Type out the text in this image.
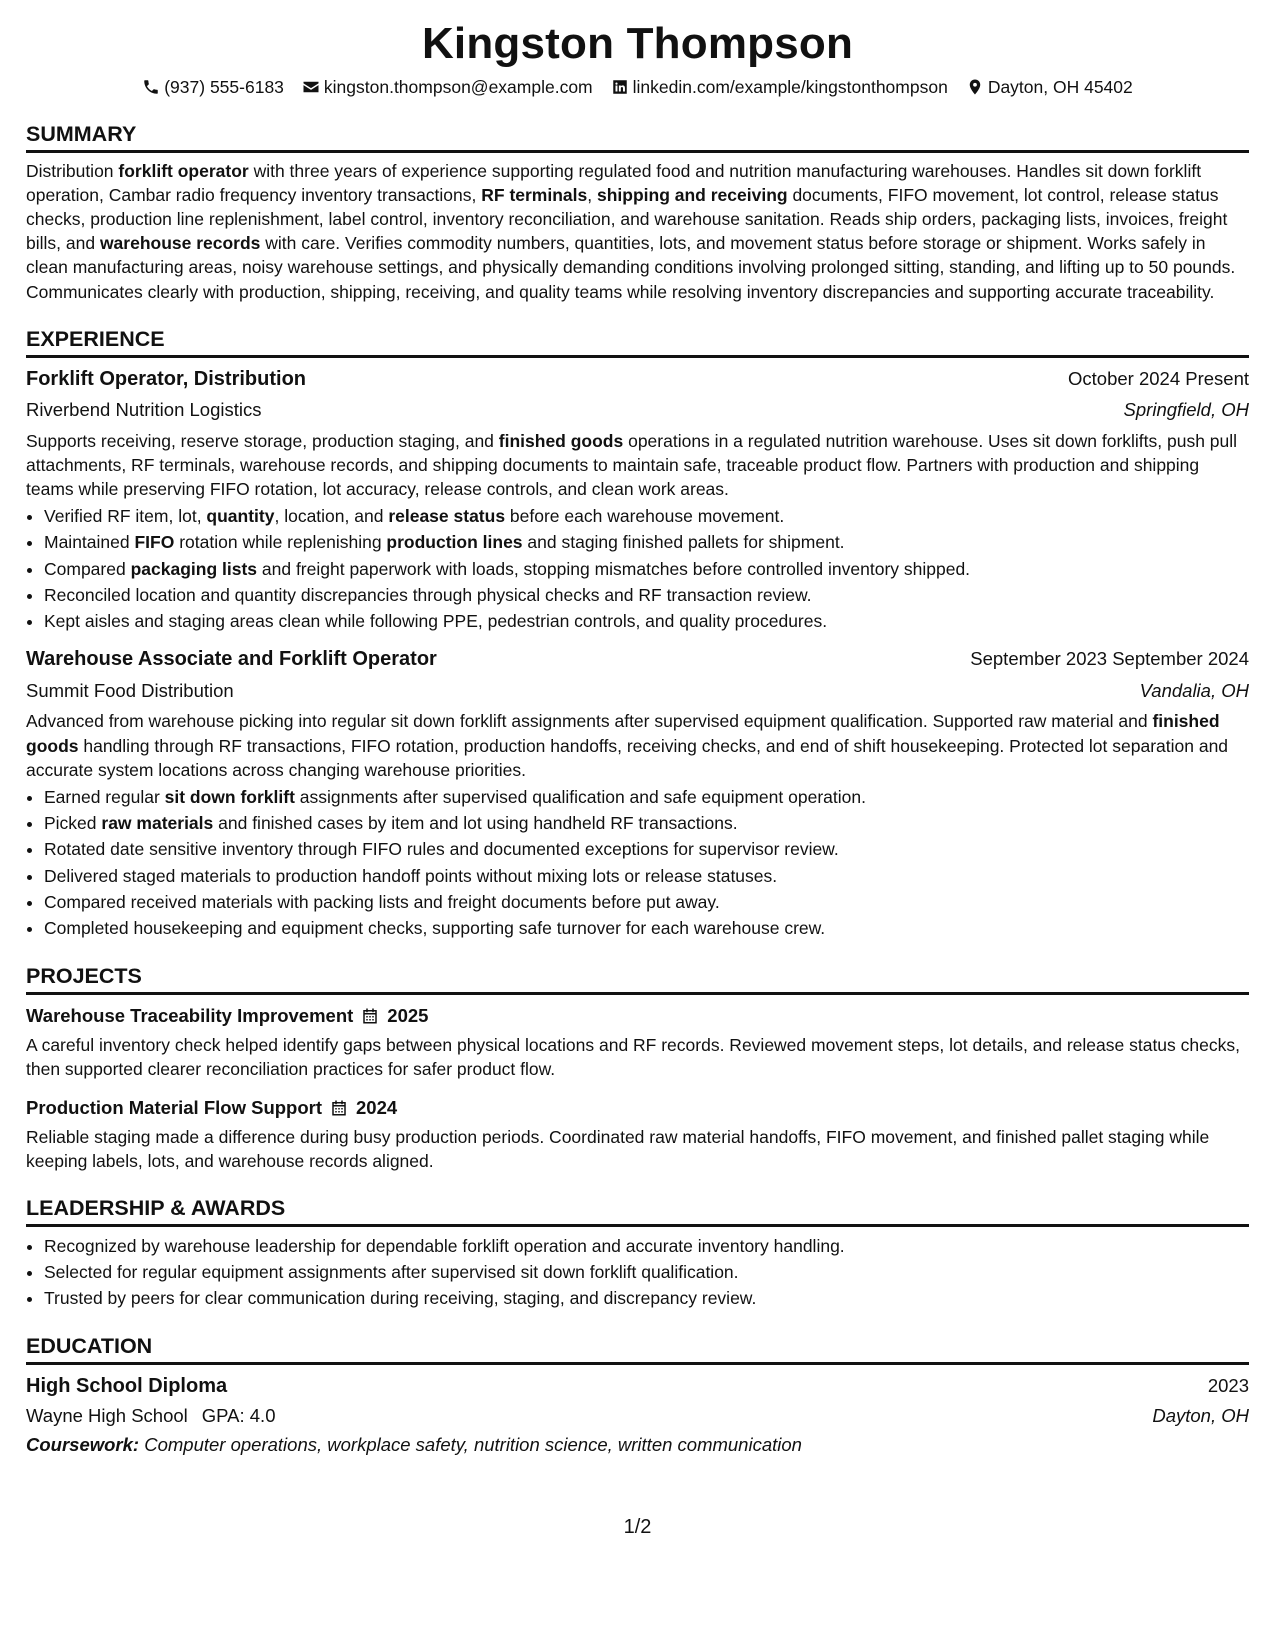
Kingston Thompson
(937) 555-6183 kingston.thompson@example.com linkedin.com/example/kingstonthompson Dayton, OH 45402
SUMMARY

Distribution forklift operator with three years of experience supporting regulated food and nutrition manufacturing warehouses. Handles sit down forklift operation, Cambar radio frequency inventory transactions, RF terminals, shipping and receiving documents, FIFO movement, lot control, release status checks, production line replenishment, label control, inventory reconciliation, and warehouse sanitation. Reads ship orders, packaging lists, invoices, freight bills, and warehouse records with care. Verifies commodity numbers, quantities, lots, and movement status before storage or shipment. Works safely in clean manufacturing areas, noisy warehouse settings, and physically demanding conditions involving prolonged sitting, standing, and lifting up to 50 pounds. Communicates clearly with production, shipping, receiving, and quality teams while resolving inventory discrepancies and supporting accurate traceability.

EXPERIENCE
Forklift Operator, Distribution	October 2024 Present
Riverbend Nutrition Logistics	Springfield, OH

Supports receiving, reserve storage, production staging, and finished goods operations in a regulated nutrition warehouse. Uses sit down forklifts, push pull attachments, RF terminals, warehouse records, and shipping documents to maintain safe, traceable product flow. Partners with production and shipping teams while preserving FIFO rotation, lot accuracy, release controls, and clean work areas.

• Verified RF item, lot, quantity, location, and release status before each warehouse movement.
• Maintained FIFO rotation while replenishing production lines and staging finished pallets for shipment.
• Compared packaging lists and freight paperwork with loads, stopping mismatches before controlled inventory shipped.
• Reconciled location and quantity discrepancies through physical checks and RF transaction review.
• Kept aisles and staging areas clean while following PPE, pedestrian controls, and quality procedures.
Warehouse Associate and Forklift Operator	September 2023 September 2024
Summit Food Distribution	Vandalia, OH

Advanced from warehouse picking into regular sit down forklift assignments after supervised equipment qualification. Supported raw material and finished goods handling through RF transactions, FIFO rotation, production handoffs, receiving checks, and end of shift housekeeping. Protected lot separation and accurate system locations across changing warehouse priorities.

• Earned regular sit down forklift assignments after supervised qualification and safe equipment operation.
• Picked raw materials and finished cases by item and lot using handheld RF transactions.
• Rotated date sensitive inventory through FIFO rules and documented exceptions for supervisor review.
• Delivered staged materials to production handoff points without mixing lots or release statuses.
• Compared received materials with packing lists and freight documents before put away.
• Completed housekeeping and equipment checks, supporting safe turnover for each warehouse crew.
PROJECTS
Warehouse Traceability Improvement 2025

A careful inventory check helped identify gaps between physical locations and RF records. Reviewed movement steps, lot details, and release status checks, then supported clearer reconciliation practices for safer product flow.

Production Material Flow Support 2024

Reliable staging made a difference during busy production periods. Coordinated raw material handoffs, FIFO movement, and finished pallet staging while keeping labels, lots, and warehouse records aligned.

LEADERSHIP & AWARDS
• Recognized by warehouse leadership for dependable forklift operation and accurate inventory handling.
• Selected for regular equipment assignments after supervised sit down forklift qualification.
• Trusted by peers for clear communication during receiving, staging, and discrepancy review.
EDUCATION
High School Diploma	2023
Wayne High School GPA: 4.0	Dayton, OH
Coursework: Computer operations, workplace safety, nutrition science, written communication
1/2
